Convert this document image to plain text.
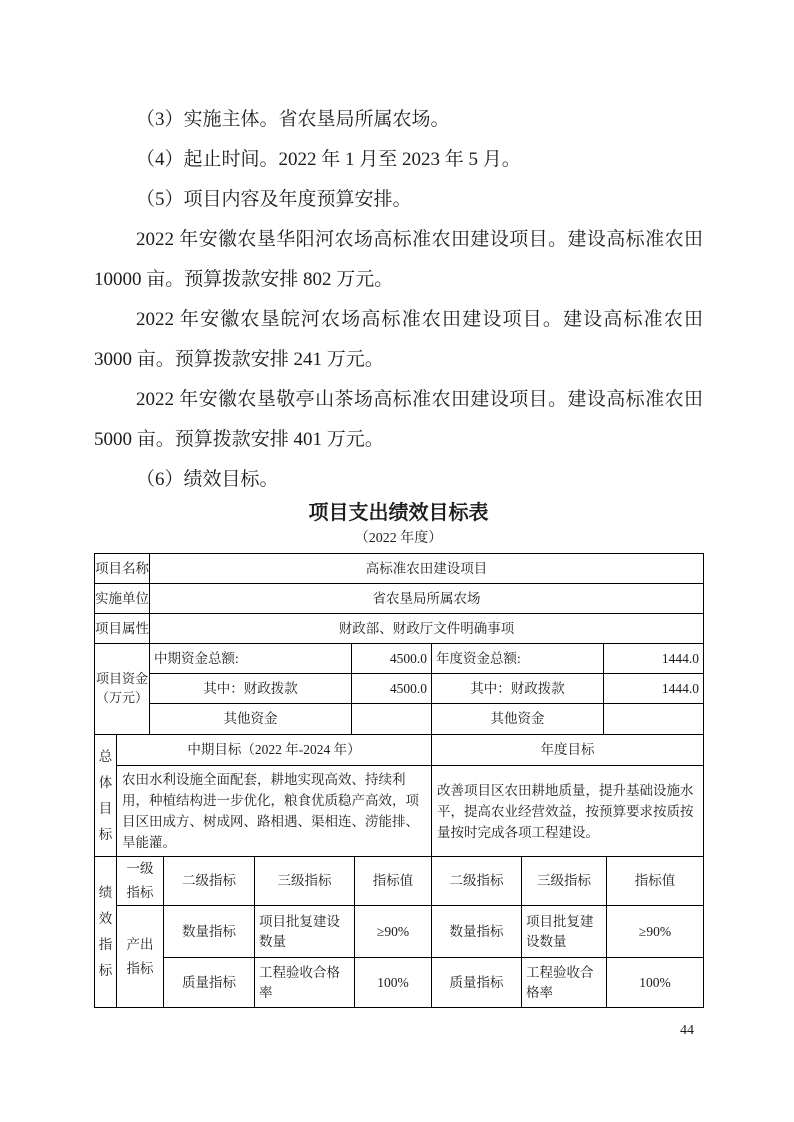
（3）实施主体。省农垦局所属农场。

（4）起止时间。2022 年 1 月至 2023 年 5 月。

（5）项目内容及年度预算安排。

2022 年安徽农垦华阳河农场高标准农田建设项目。建设高标准农田 10000 亩。预算拨款安排 802 万元。

2022 年安徽农垦皖河农场高标准农田建设项目。建设高标准农田 3000 亩。预算拨款安排 241 万元。

2022 年安徽农垦敬亭山茶场高标准农田建设项目。建设高标准农田 5000 亩。预算拨款安排 401 万元。

（6）绩效目标。

项目支出绩效目标表
（2022 年度）
项目名称	高标准农田建设项目
实施单位	省农垦局所属农场
项目属性	财政部、财政厅文件明确事项
项目资金
（万元）	中期资金总额:	4500.0	年度资金总额:	1444.0
	其中：财政拨款	4500.0	其中：财政拨款	1444.0
	其他资金		其他资金	
总体目标	中期目标（2022 年-2024 年）	年度目标
	农田水利设施全面配套，耕地实现高效、持续利用，种植结构进一步优化，粮食优质稳产高效，项目区田成方、树成网、路相遇、渠相连、涝能排、旱能灌。	改善项目区农田耕地质量，提升基础设施水平，提高农业经营效益，按预算要求按质按量按时完成各项工程建设。
绩效指标	一级指标	二级指标	三级指标	指标值	二级指标	三级指标	指标值
	产出指标	数量指标	项目批复建设数量	≥90%	数量指标	项目批复建设数量	≥90%
		质量指标	工程验收合格率	100%	质量指标	工程验收合格率	100%
44
